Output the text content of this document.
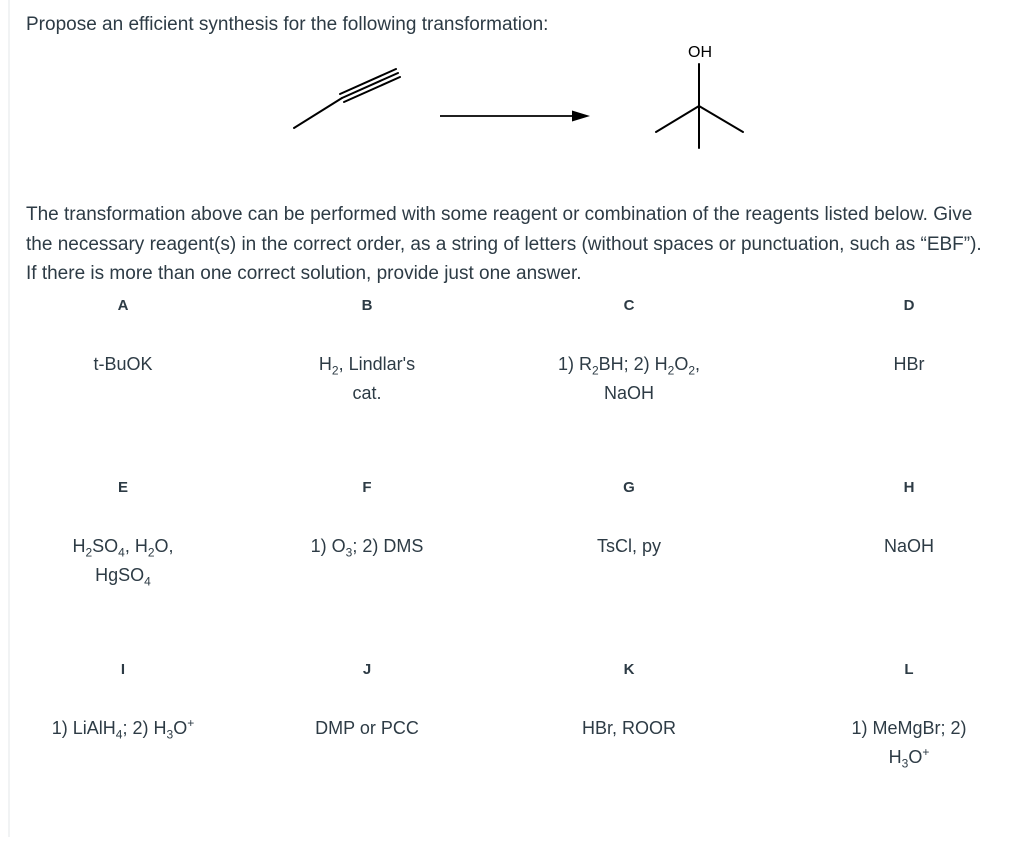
Propose an efficient synthesis for the following transformation:
OH
The transformation above can be performed with some reagent or combination of the reagents listed below. Give the necessary reagent(s) in the correct order, as a string of letters (without spaces or punctuation, such as “EBF”). If there is more than one correct solution, provide just one answer.
A
t-BuOK
B
$H_2$, Lindlar's
cat.
C
1) $R_2BH$; 2) $H_2O_2$,
NaOH
D
HBr
E
$H_2SO_4$, $H_2O$,
HgSO$_4$
F
1) $O_3$; 2) DMS
G
TsCl, py
H
NaOH
I
1) LiAlH$_4$; 2) $H_3O^+$
J
DMP or PCC
K
HBr, ROOR
L
1) MeMgBr; 2)
$H_3O^+$
